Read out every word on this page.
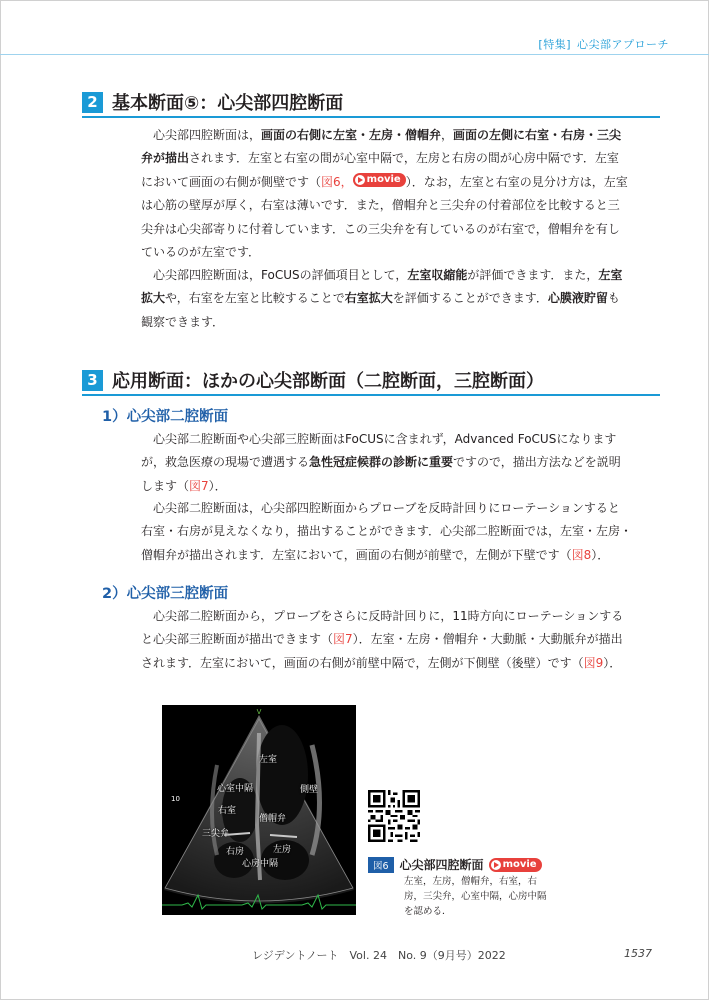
[特集] 心尖部アプローチ
2 基本断面⑤：心尖部四腔断面
心尖部四腔断面は，画面の右側に左室・左房・僧帽弁，画面の左側に右室・右房・三尖
弁が描出されます．左室と右室の間が心室中隔で，左房と右房の間が心房中隔です．左室
において画面の右側が側壁です（図6， movie ）．なお，左室と右室の見分け方は，左室
は心筋の壁厚が厚く，右室は薄いです．また，僧帽弁と三尖弁の付着部位を比較すると三
尖弁は心尖部寄りに付着しています．この三尖弁を有しているのが右室で，僧帽弁を有し
ているのが左室です．
心尖部四腔断面は，FoCUSの評価項目として，左室収縮能が評価できます．また，左室
拡大や，右室を左室と比較することで右室拡大を評価することができます．心膜液貯留も
観察できます．
3 応用断面：ほかの心尖部断面（二腔断面，三腔断面）
1）心尖部二腔断面
心尖部二腔断面や心尖部三腔断面はFoCUSに含まれず，Advanced FoCUSになります
が，救急医療の現場で遭遇する急性冠症候群の診断に重要ですので，描出方法などを説明
します（図7）．
心尖部二腔断面は，心尖部四腔断面からプローブを反時計回りにローテーションすると
右室・右房が見えなくなり，描出することができます．心尖部二腔断面では，左室・左房・
僧帽弁が描出されます．左室において，画面の右側が前壁で，左側が下壁です（図8）．
2）心尖部三腔断面
心尖部二腔断面から，プローブをさらに反時計回りに，11時方向にローテーションする
と心尖部三腔断面が描出できます（図7）．左室・左房・僧帽弁・大動脈・大動脈弁が描出
されます．左室において，画面の右側が前壁中隔で，左側が下側壁（後壁）です（図9）．
V
左室
心室中隔	側壁
右室
僧帽弁
三尖弁
右房	左房
心房中隔
10
図6 心尖部四腔断面 movie
左室，左房，僧帽弁，右室，右
房，三尖弁，心室中隔，心房中隔
を認める．
レジデントノート　Vol. 24　No. 9（9月号）2022	1537
